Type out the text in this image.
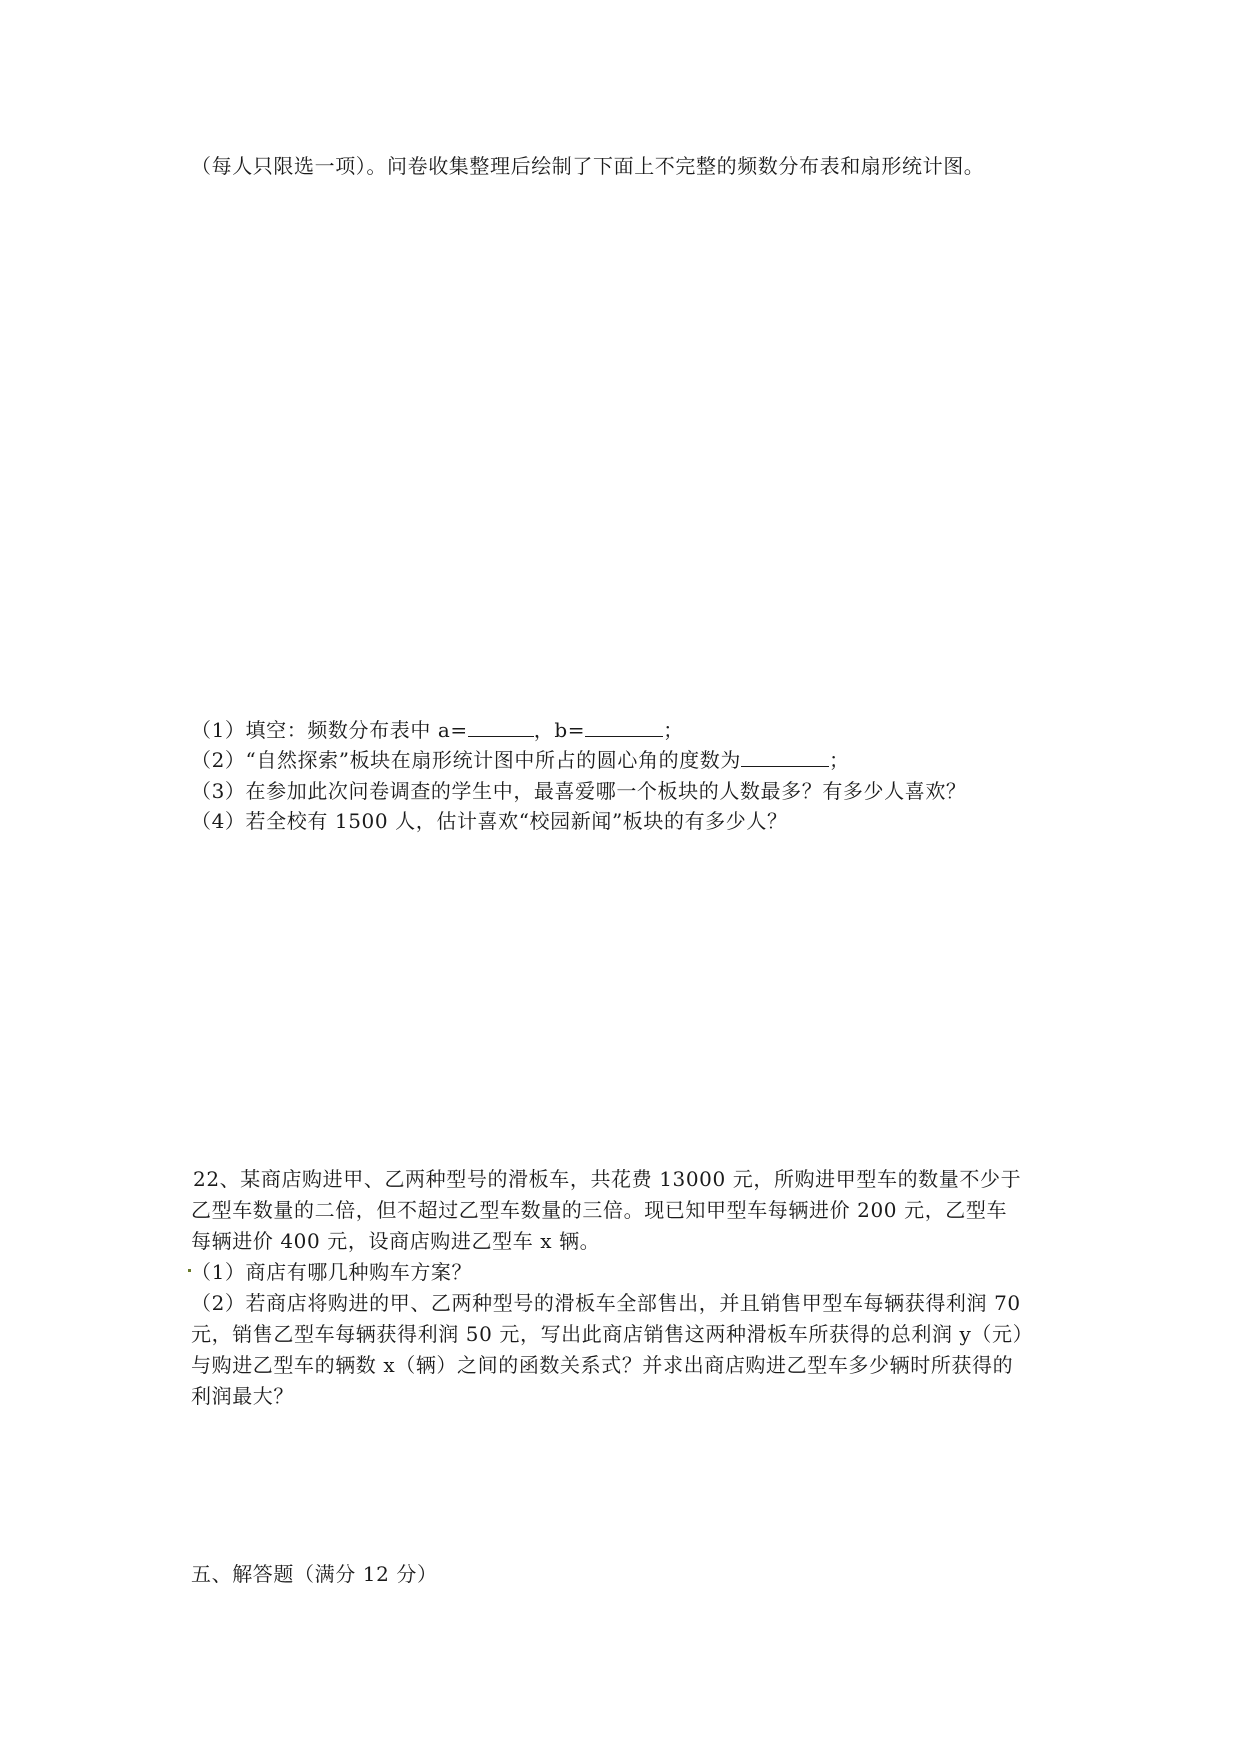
（每人只限选一项）。问卷收集整理后绘制了下面上不完整的频数分布表和扇形统计图。
（1）填空：频数分布表中 a=	，b=	；
（2）“自然探索”板块在扇形统计图中所占的圆心角的度数为	；
（3）在参加此次问卷调查的学生中，最喜爱哪一个板块的人数最多？有多少人喜欢？
（4）若全校有 1500 人，估计喜欢“校园新闻”板块的有多少人？
22、某商店购进甲、乙两种型号的滑板车，共花费 13000 元，所购进甲型车的数量不少于
乙型车数量的二倍，但不超过乙型车数量的三倍。现已知甲型车每辆进价 200 元，乙型车
每辆进价 400 元，设商店购进乙型车 x 辆。
（1）商店有哪几种购车方案？
（2）若商店将购进的甲、乙两种型号的滑板车全部售出，并且销售甲型车每辆获得利润 70
元，销售乙型车每辆获得利润 50 元，写出此商店销售这两种滑板车所获得的总利润 y（元）
与购进乙型车的辆数 x（辆）之间的函数关系式？并求出商店购进乙型车多少辆时所获得的
利润最大？
五、解答题（满分 12 分）
